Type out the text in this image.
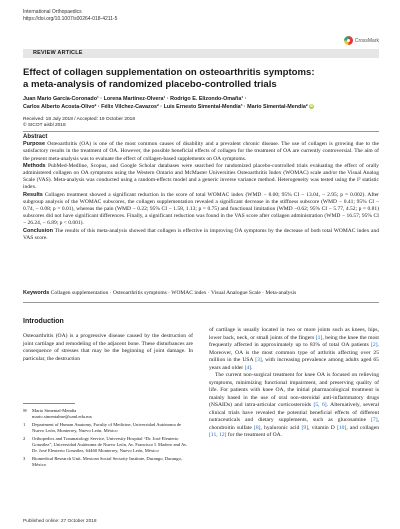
International Orthopaedics
https://doi.org/10.1007/s00264-018-4211-5
CrossMark
REVIEW ARTICLE
Effect of collagen supplementation on osteoarthritis symptoms:
a meta-analysis of randomized placebo-controlled trials
Juan Mario García-Coronado¹ · Lorena Martínez-Olvera¹ · Rodrigo E. Elizondo-Omaña¹ ·
Carlos Alberto Acosta-Olivo² · Félix Vilchez-Cavazos² · Luis Ernesto Simental-Mendía³ · Mario Simental-Mendía² iD
Received: 18 July 2018 / Accepted: 19 October 2018
© SICOT aisbl 2018
Abstract

Purpose Osteoarthritis (OA) is one of the most common causes of disability and a prevalent chronic disease. The use of collagen is growing due to the satisfactory results in the treatment of OA. However, the possible beneficial effects of collagen for the treatment of OA are currently controversial. The aim of the present meta-analysis was to evaluate the effect of collagen-based supplements on OA symptoms.

Methods PubMed-Medline, Scopus, and Google Scholar databases were searched for randomized placebo-controlled trials evaluating the effect of orally administered collagen on OA symptoms using the Western Ontario and McMaster Universities Osteoarthritis Index (WOMAC) scale and/or the Visual Analog Scale (VAS). Meta-analysis was conducted using a random-effects model and a generic inverse variance method. Heterogeneity was tested using the I² statistic index.

Results Collagen treatment showed a significant reduction in the score of total WOMAC index (WMD − 8.00; 95% CI − 13.04, − 2.95; p = 0.002). After subgroup analysis of the WOMAC subscores, the collagen supplementation revealed a significant decrease in the stiffness subscore (WMD − 0.41; 95% CI − 0.74, − 0.08; p = 0.01), whereas the pain (WMD − 0.22; 95% CI − 1.58, 1.13; p = 0.75) and functional limitation (WMD −0.62; 95% CI − 5.77, 4.52; p = 0.81) subscores did not have significant differences. Finally, a significant reduction was found in the VAS score after collagen administration (WMD − 16.57; 95% CI − 26.24, − 6.89; p < 0.001).

Conclusion The results of this meta-analysis showed that collagen is effective in improving OA symptoms by the decrease of both total WOMAC index and VAS score.

Keywords Collagen supplementation · Osteoarthritis symptoms · WOMAC index · Visual Analogue Scale · Meta-analysis
Introduction

Osteoarthritis (OA) is a progressive disease caused by the destruction of joint cartilage and remodeling of the adjacent bone. These disturbances are consequence of stresses that may be the beginning of joint damage. In particular, the destruction

✉	Mario Simental-Mendía
mario.simentalme@uanl.edu.mx
1	Department of Human Anatomy, Faculty of Medicine, Universidad Autónoma de Nuevo León, Monterrey, Nuevo León, México
2	Orthopedics and Traumatology Service, University Hospital “Dr. José Eleuterio González”, Universidad Autónoma de Nuevo León, Av. Francisco I. Madero and Av. Dr. José Eleuterio González, 64460 Monterrey, Nuevo León, México
3	Biomedical Research Unit, Mexican Social Security Institute, Durango, Durango, México

of cartilage is usually located in two or more joints such as knees, hips, lower back, neck, or small joints of the fingers [1], being the knee the most frequently affected in approximately up to 83% of total OA patients [2]. Moreover, OA is the most common type of arthritis affecting over 25 million in the USA [3], with increasing prevalence among adults aged 65 years and older [4].

The current non-surgical treatment for knee OA is focused on relieving symptoms, minimizing functional impairment, and preserving quality of life. For patients with knee OA, the initial pharmacological treatment is mainly based in the use of oral non-steroidal anti-inflammatory drugs (NSAIDs) and intra-articular corticosteroids [5, 6]. Alternatively, several clinical trials have revealed the potential beneficial effects of different nutraceuticals and dietary supplements, such as glucosamine [7], chondroitin sulfate [8], hyaluronic acid [9], vitamin D [10], and collagen [11, 12] for the treatment of OA.

Published online: 27 October 2018
